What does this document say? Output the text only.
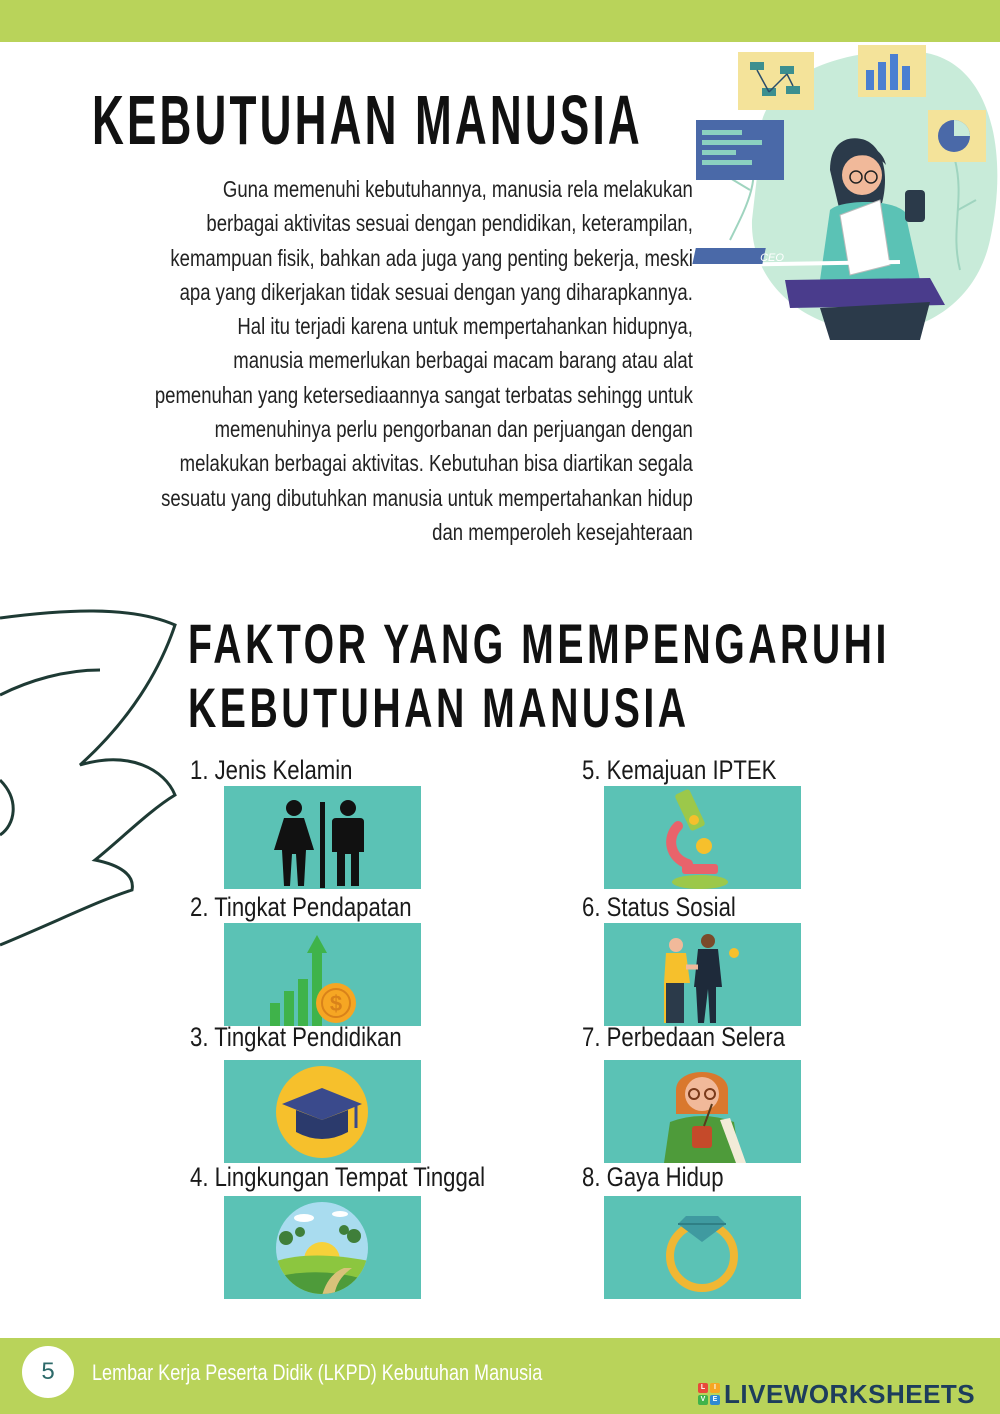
KEBUTUHAN MANUSIA

Guna memenuhi kebutuhannya, manusia rela melakukan

berbagai aktivitas sesuai dengan pendidikan, keterampilan,

kemampuan fisik, bahkan ada juga yang penting bekerja, meski

apa yang dikerjakan tidak sesuai dengan yang diharapkannya.

Hal itu terjadi karena untuk mempertahankan hidupnya,

manusia memerlukan berbagai macam barang atau alat

pemenuhan yang ketersediaannya sangat terbatas sehingg untuk

memenuhinya perlu pengorbanan dan perjuangan dengan

melakukan berbagai aktivitas. Kebutuhan bisa diartikan segala

sesuatu yang dibutuhkan manusia untuk mempertahankan hidup

dan memperoleh kesejahteraan

CEO
FAKTOR YANG MEMPENGARUHI
KEBUTUHAN MANUSIA
1. Jenis Kelamin
2. Tingkat Pendapatan
$
3. Tingkat Pendidikan
4. Lingkungan Tempat Tinggal
5. Kemajuan IPTEK
6. Status Sosial
7. Perbedaan Selera
8. Gaya Hidup
5	Lembar Kerja Peserta Didik (LKPD) Kebutuhan Manusia
L	I
V	E LIVEWORKSHEETS
